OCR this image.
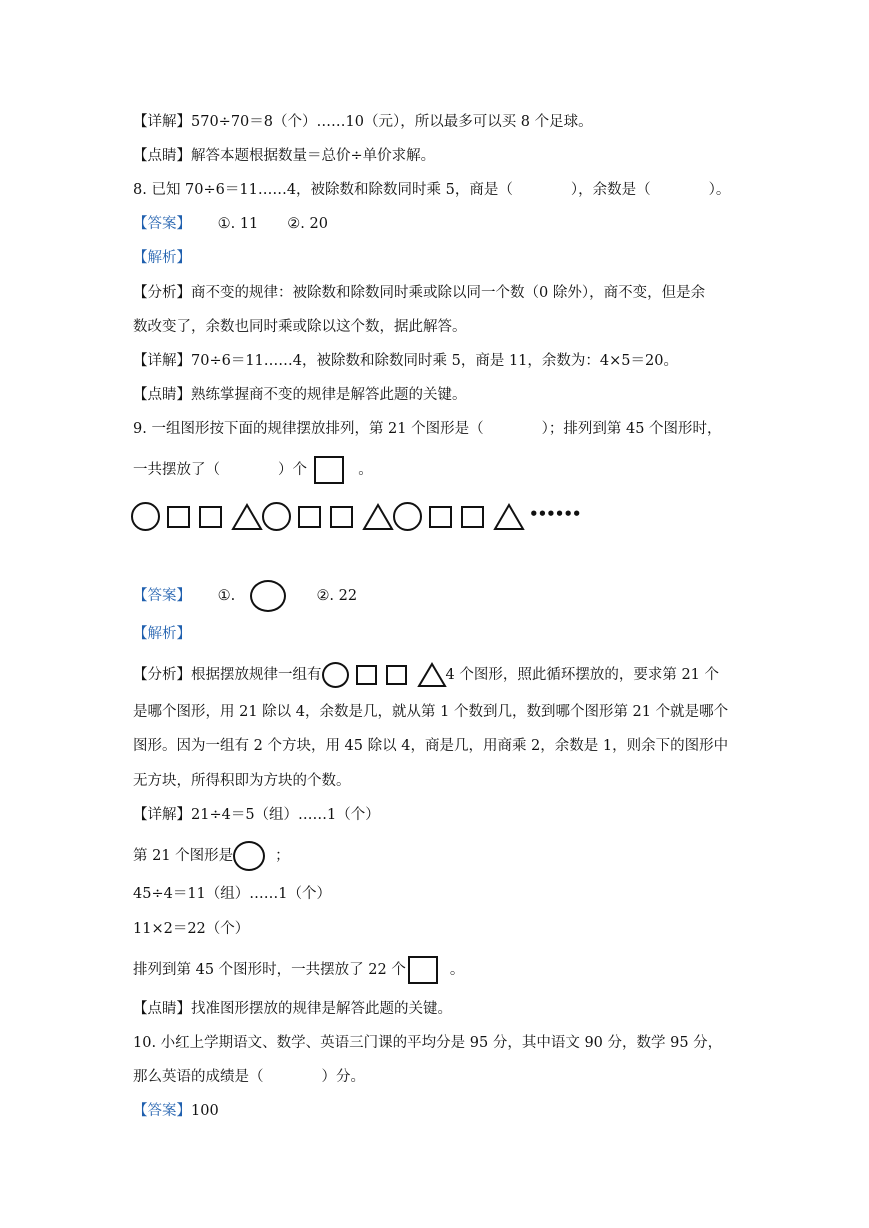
【详解】570÷70＝8（个）……10（元），所以最多可以买 8 个足球。
【点睛】解答本题根据数量＝总价÷单价求解。
8. 已知 70÷6＝11……4，被除数和除数同时乘 5，商是（　　　　），余数是（　　　　）。
【答案】 ①. 11　　②. 20
【解析】
【分析】商不变的规律：被除数和除数同时乘或除以同一个数（0 除外），商不变，但是余
数改变了，余数也同时乘或除以这个数，据此解答。
【详解】70÷6＝11……4，被除数和除数同时乘 5，商是 11，余数为：4×5＝20。
【点睛】熟练掌握商不变的规律是解答此题的关键。
9. 一组图形按下面的规律摆放排列，第 21 个图形是（　　　　）；排列到第 45 个图形时，
一共摆放了（　　　　）个	。
••••••
【答案】 ①.	②. 22
【解析】
【分析】根据摆放规律一组有	4 个图形，照此循环摆放的，要求第 21 个
是哪个图形，用 21 除以 4，余数是几，就从第 1 个数到几，数到哪个图形第 21 个就是哪个
图形。因为一组有 2 个方块，用 45 除以 4，商是几，用商乘 2，余数是 1，则余下的图形中
无方块，所得积即为方块的个数。
【详解】21÷4＝5（组）……1（个）
第 21 个图形是	；
45÷4＝11（组）……1（个）
11×2＝22（个）
排列到第 45 个图形时，一共摆放了 22 个	。
【点睛】找准图形摆放的规律是解答此题的关键。
10. 小红上学期语文、数学、英语三门课的平均分是 95 分，其中语文 90 分，数学 95 分，
那么英语的成绩是（　　　　）分。
【答案】100
